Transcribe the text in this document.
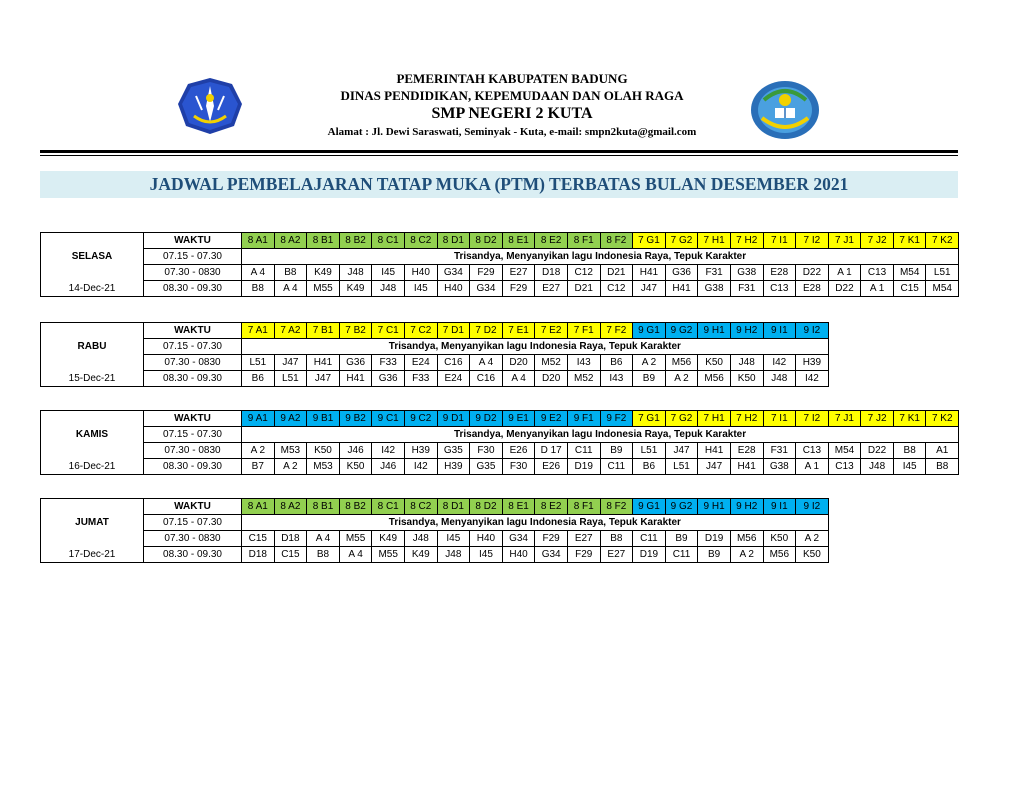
PEMERINTAH KABUPATEN BADUNG
DINAS PENDIDIKAN, KEPEMUDAAN DAN OLAH RAGA
SMP NEGERI 2 KUTA
Alamat : Jl. Dewi Saraswati, Seminyak - Kuta, e-mail: smpn2kuta@gmail.com
JADWAL PEMBELAJARAN TATAP MUKA (PTM) TERBATAS BULAN DESEMBER 2021
	WAKTU	8 A1	8 A2	8 B1	8 B2	8 C1	8 C2	8 D1	8 D2	8 E1	8 E2	8 F1	8 F2	7 G1	7 G2	7 H1	7 H2	7 I1	7 I2	7 J1	7 J2	7 K1	7 K2
SELASA	07.15 - 07.30	Trisandya, Menyanyikan lagu Indonesia Raya, Tepuk Karakter																					
	07.30 - 0830	A 4	B8	K49	J48	I45	H40	G34	F29	E27	D18	C12	D21	H41	G36	F31	G38	E28	D22	A 1	C13	M54	L51
14-Dec-21	08.30 - 09.30	B8	A 4	M55	K49	J48	I45	H40	G34	F29	E27	D21	C12	J47	H41	G38	F31	C13	E28	D22	A 1	C15	M54
	WAKTU	7 A1	7 A2	7 B1	7 B2	7 C1	7 C2	7 D1	7 D2	7 E1	7 E2	7 F1	7 F2	9 G1	9 G2	9 H1	9 H2	9 I1	9 I2
RABU	07.15 - 07.30	Trisandya, Menyanyikan lagu Indonesia Raya, Tepuk Karakter																	
	07.30 - 0830	L51	J47	H41	G36	F33	E24	C16	A 4	D20	M52	I43	B6	A 2	M56	K50	J48	I42	H39
15-Dec-21	08.30 - 09.30	B6	L51	J47	H41	G36	F33	E24	C16	A 4	D20	M52	I43	B9	A 2	M56	K50	J48	I42
	WAKTU	9 A1	9 A2	9 B1	9 B2	9 C1	9 C2	9 D1	9 D2	9 E1	9 E2	9 F1	9 F2	7 G1	7 G2	7 H1	7 H2	7 I1	7 I2	7 J1	7 J2	7 K1	7 K2
KAMIS	07.15 - 07.30	Trisandya, Menyanyikan lagu Indonesia Raya, Tepuk Karakter																					
	07.30 - 0830	A 2	M53	K50	J46	I42	H39	G35	F30	E26	D 17	C11	B9	L51	J47	H41	E28	F31	C13	M54	D22	B8	A1
16-Dec-21	08.30 - 09.30	B7	A 2	M53	K50	J46	I42	H39	G35	F30	E26	D19	C11	B6	L51	J47	H41	G38	A 1	C13	J48	I45	B8
	WAKTU	8 A1	8 A2	8 B1	8 B2	8 C1	8 C2	8 D1	8 D2	8 E1	8 E2	8 F1	8 F2	9 G1	9 G2	9 H1	9 H2	9 I1	9 I2
JUMAT	07.15 - 07.30	Trisandya, Menyanyikan lagu Indonesia Raya, Tepuk Karakter																	
	07.30 - 0830	C15	D18	A 4	M55	K49	J48	I45	H40	G34	F29	E27	B8	C11	B9	D19	M56	K50	A 2
17-Dec-21	08.30 - 09.30	D18	C15	B8	A 4	M55	K49	J48	I45	H40	G34	F29	E27	D19	C11	B9	A 2	M56	K50
